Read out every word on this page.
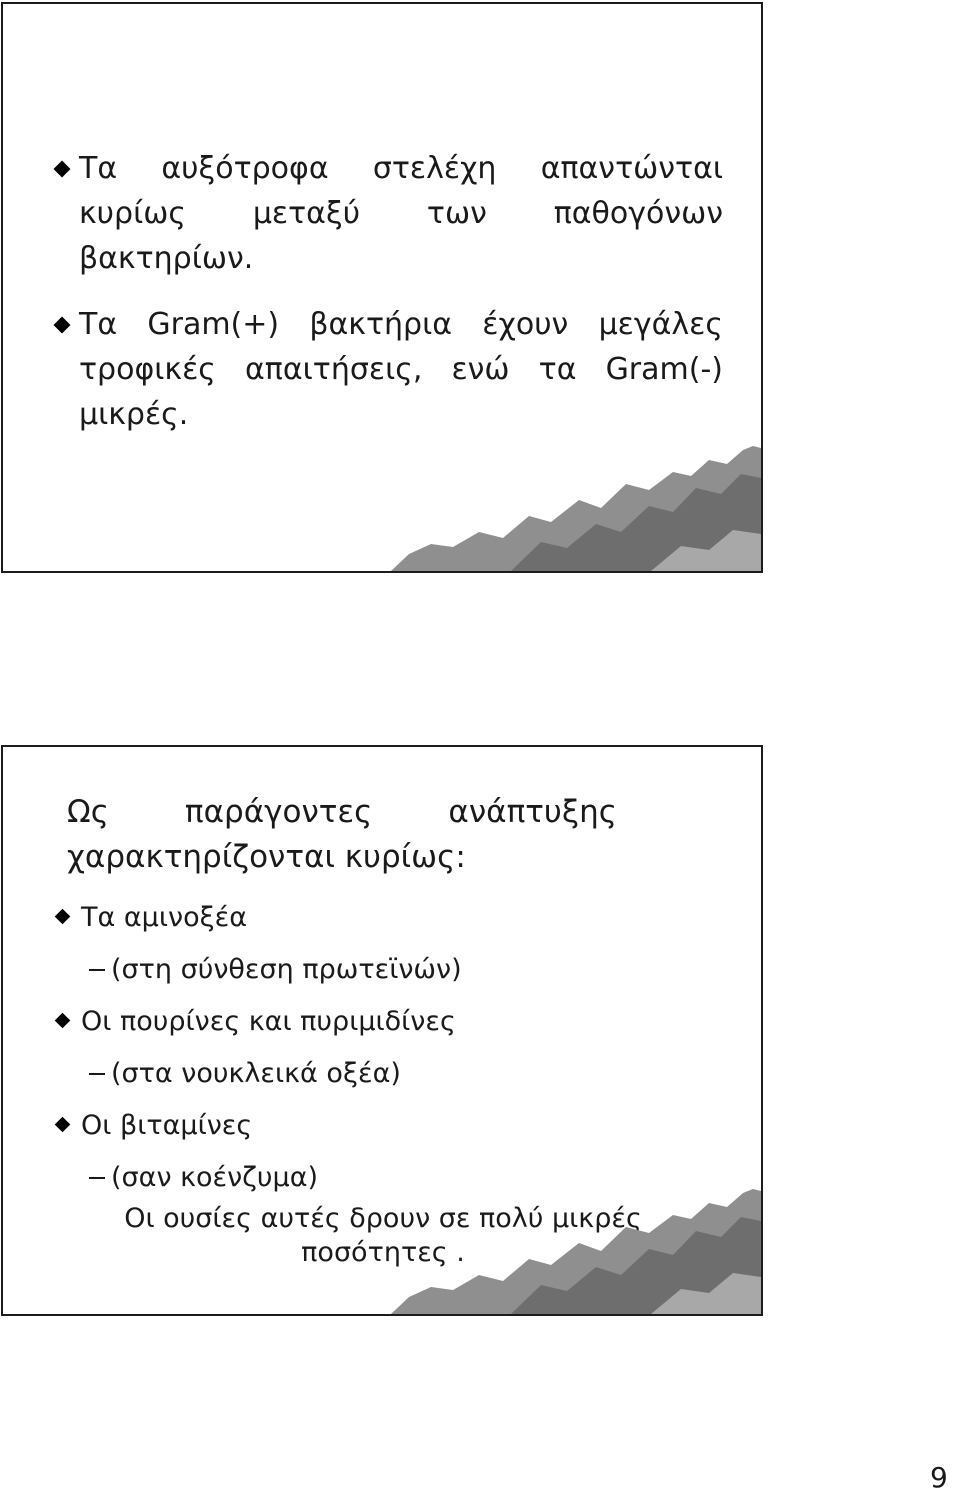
Τα αυξότροφα στελέχη απαντώνται κυρίως μεταξύ των παθογόνων βακτηρίων.
Τα Gram(+) βακτήρια έχουν μεγάλες τροφικές απαιτήσεις, ενώ τα Gram(-) μικρές.
Ως παράγοντες ανάπτυξης χαρακτηρίζονται κυρίως:
Τα αμινοξέα
(στη σύνθεση πρωτεϊνών)
Οι πουρίνες και πυριμιδίνες
(στα νουκλεικά οξέα)
Οι βιταμίνες
(σαν κοένζυμα)
Οι ουσίες αυτές δρουν σε πολύ μικρές
ποσότητες .
9
